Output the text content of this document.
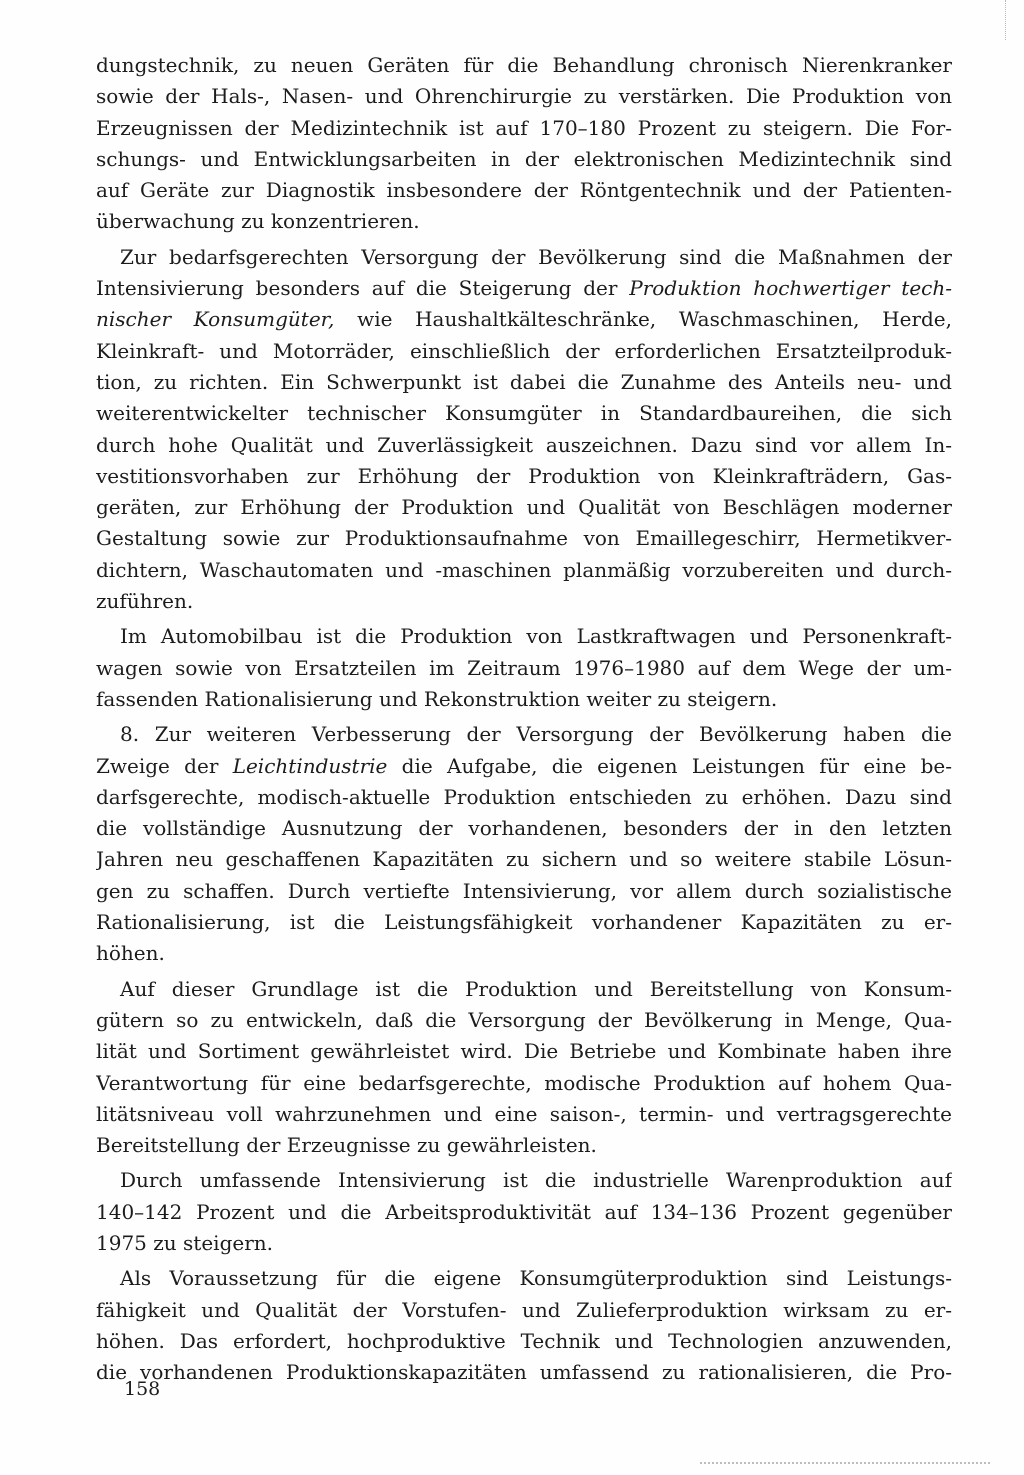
dungstechnik, zu neuen Geräten für die Behandlung chronisch Nierenkranker
sowie der Hals-, Nasen- und Ohrenchirurgie zu verstärken. Die Produktion von
Erzeugnissen der Medizintechnik ist auf 170–180 Prozent zu steigern. Die For-
schungs- und Entwicklungsarbeiten in der elektronischen Medizintechnik sind
auf Geräte zur Diagnostik insbesondere der Röntgentechnik und der Patienten-
überwachung zu konzentrieren.
Zur bedarfsgerechten Versorgung der Bevölkerung sind die Maßnahmen der
Intensivierung besonders auf die Steigerung der Produktion hochwertiger tech-
nischer Konsumgüter, wie Haushaltkälteschränke, Waschmaschinen, Herde,
Kleinkraft- und Motorräder, einschließlich der erforderlichen Ersatzteilproduk-
tion, zu richten. Ein Schwerpunkt ist dabei die Zunahme des Anteils neu- und
weiterentwickelter technischer Konsumgüter in Standardbaureihen, die sich
durch hohe Qualität und Zuverlässigkeit auszeichnen. Dazu sind vor allem In-
vestitionsvorhaben zur Erhöhung der Produktion von Kleinkrafträdern, Gas-
geräten, zur Erhöhung der Produktion und Qualität von Beschlägen moderner
Gestaltung sowie zur Produktionsaufnahme von Emaillegeschirr, Hermetikver-
dichtern, Waschautomaten und -maschinen planmäßig vorzubereiten und durch-
zuführen.
Im Automobilbau ist die Produktion von Lastkraftwagen und Personenkraft-
wagen sowie von Ersatzteilen im Zeitraum 1976–1980 auf dem Wege der um-
fassenden Rationalisierung und Rekonstruktion weiter zu steigern.
8. Zur weiteren Verbesserung der Versorgung der Bevölkerung haben die
Zweige der Leichtindustrie die Aufgabe, die eigenen Leistungen für eine be-
darfsgerechte, modisch-aktuelle Produktion entschieden zu erhöhen. Dazu sind
die vollständige Ausnutzung der vorhandenen, besonders der in den letzten
Jahren neu geschaffenen Kapazitäten zu sichern und so weitere stabile Lösun-
gen zu schaffen. Durch vertiefte Intensivierung, vor allem durch sozialistische
Rationalisierung, ist die Leistungsfähigkeit vorhandener Kapazitäten zu er-
höhen.
Auf dieser Grundlage ist die Produktion und Bereitstellung von Konsum-
gütern so zu entwickeln, daß die Versorgung der Bevölkerung in Menge, Qua-
lität und Sortiment gewährleistet wird. Die Betriebe und Kombinate haben ihre
Verantwortung für eine bedarfsgerechte, modische Produktion auf hohem Qua-
litätsniveau voll wahrzunehmen und eine saison-, termin- und vertragsgerechte
Bereitstellung der Erzeugnisse zu gewährleisten.
Durch umfassende Intensivierung ist die industrielle Warenproduktion auf
140–142 Prozent und die Arbeitsproduktivität auf 134–136 Prozent gegenüber
1975 zu steigern.
Als Voraussetzung für die eigene Konsumgüterproduktion sind Leistungs-
fähigkeit und Qualität der Vorstufen- und Zulieferproduktion wirksam zu er-
höhen. Das erfordert, hochproduktive Technik und Technologien anzuwenden,
die vorhandenen Produktionskapazitäten umfassend zu rationalisieren, die Pro-
158
